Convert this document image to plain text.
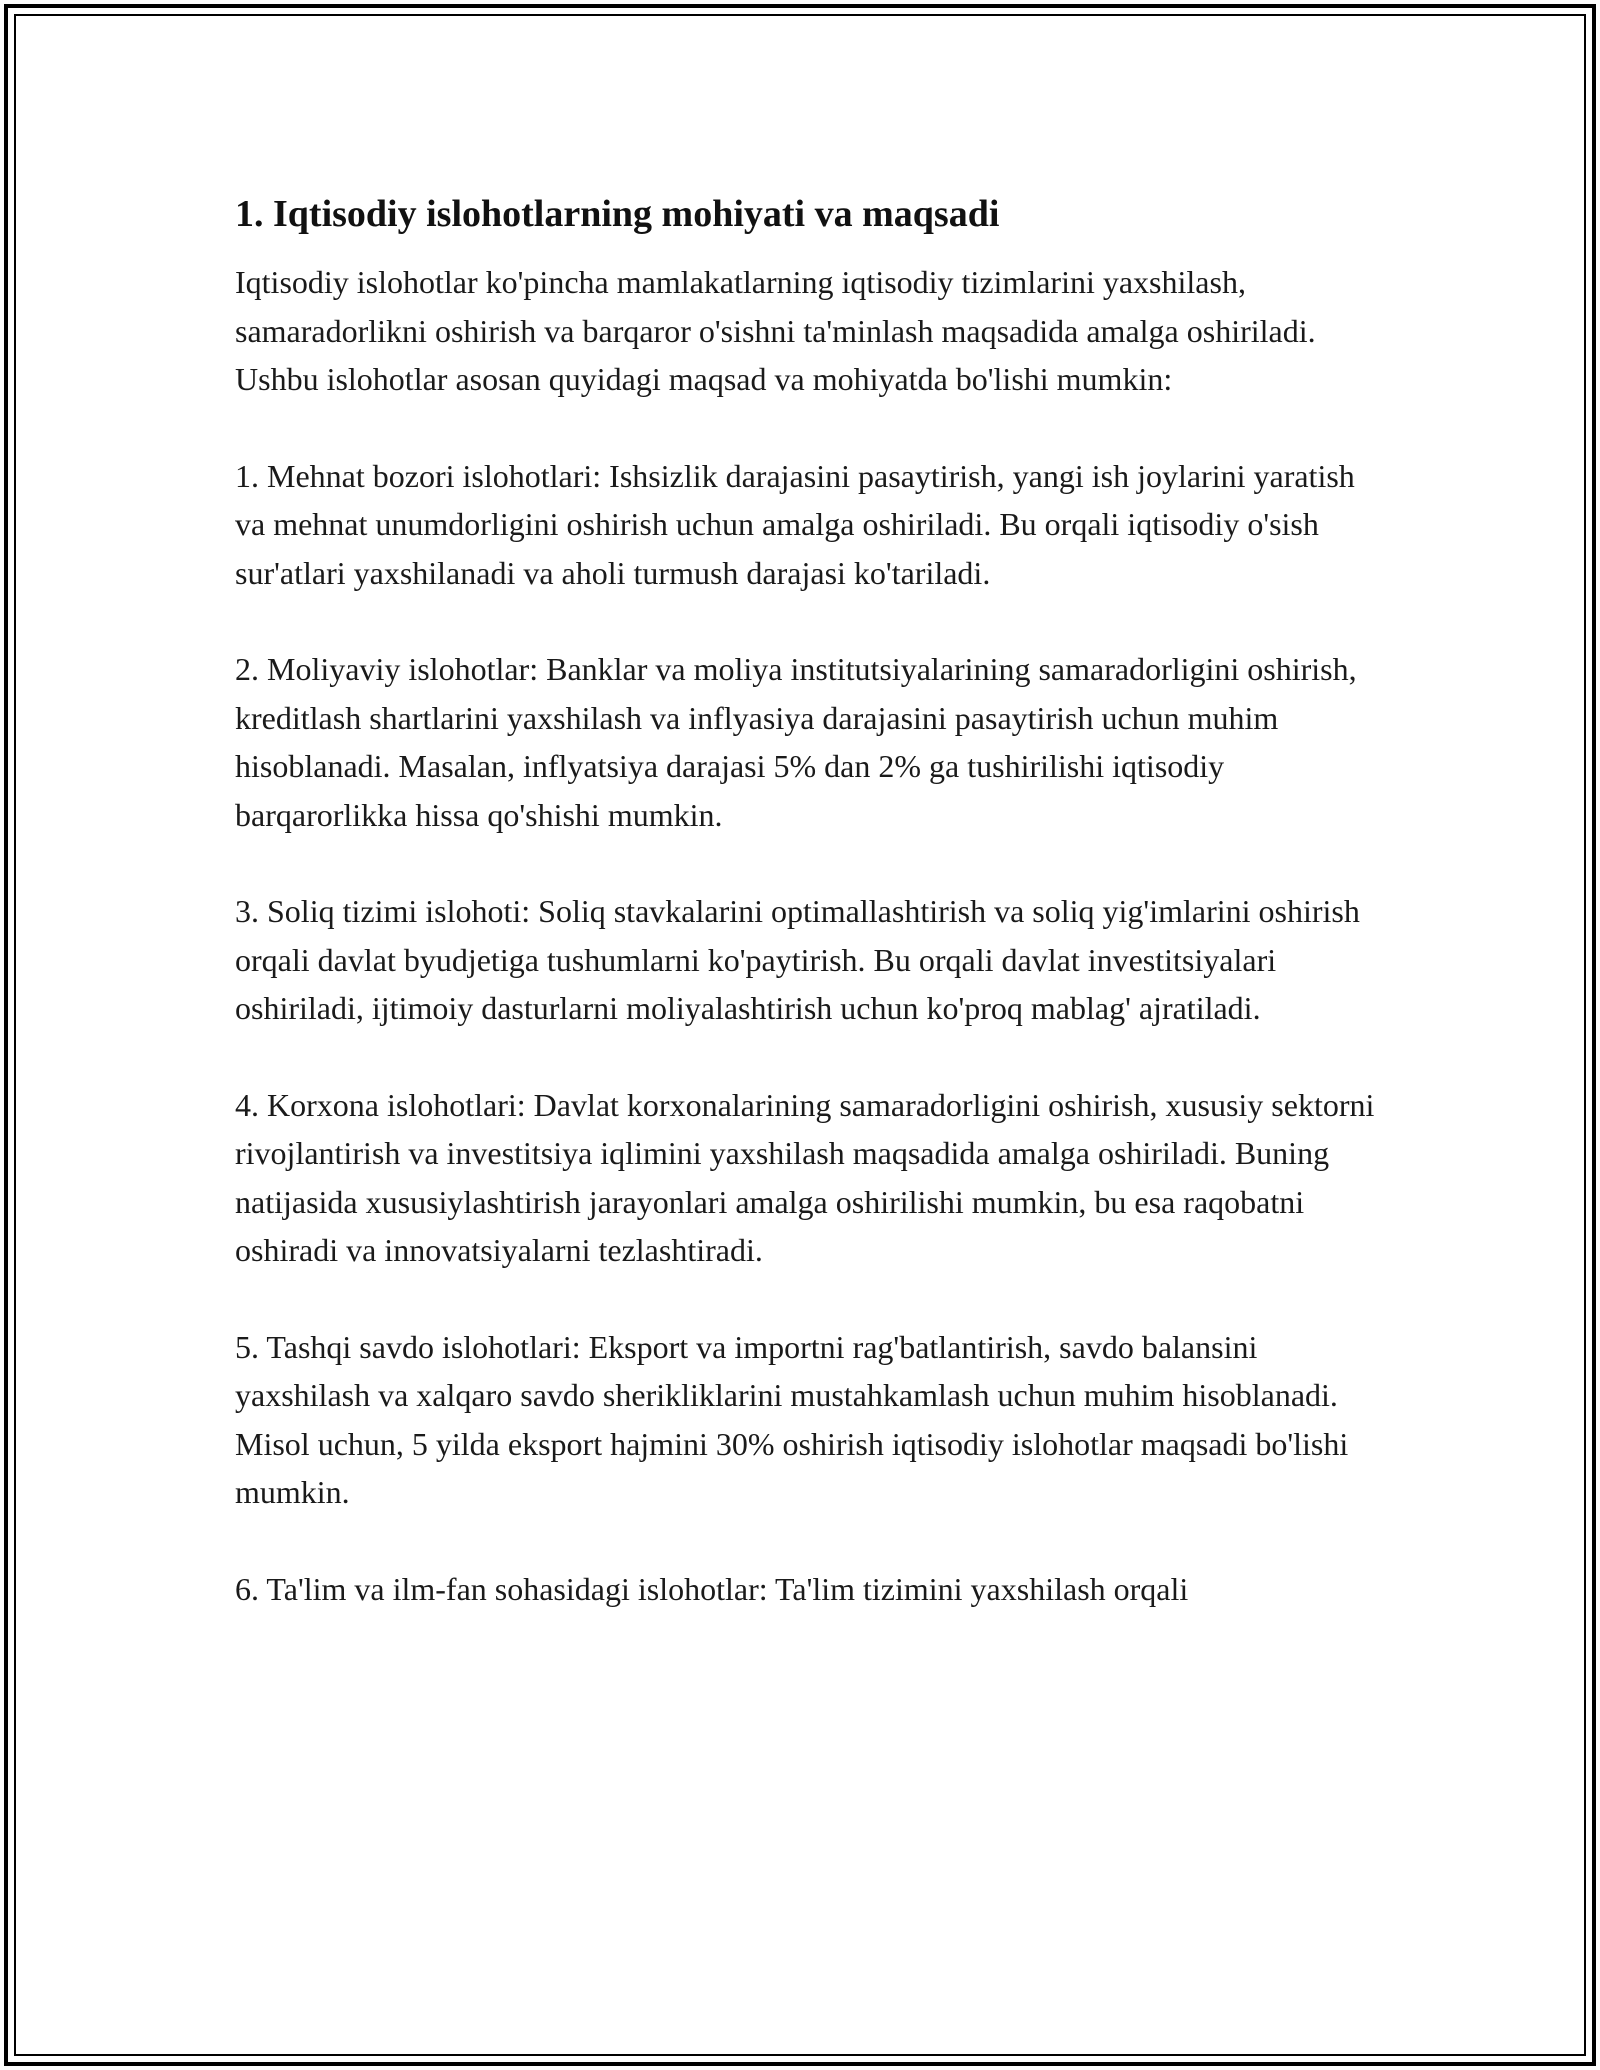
1. Iqtisodiy islohotlarning mohiyati va maqsadi

Iqtisodiy islohotlar ko'pincha mamlakatlarning iqtisodiy tizimlarini yaxshilash, samaradorlikni oshirish va barqaror o'sishni ta'minlash maqsadida amalga oshiriladi. Ushbu islohotlar asosan quyidagi maqsad va mohiyatda bo'lishi mumkin:

1. Mehnat bozori islohotlari: Ishsizlik darajasini pasaytirish, yangi ish joylarini yaratish va mehnat unumdorligini oshirish uchun amalga oshiriladi. Bu orqali iqtisodiy o'sish sur'atlari yaxshilanadi va aholi turmush darajasi ko'tariladi.

2. Moliyaviy islohotlar: Banklar va moliya institutsiyalarining samaradorligini oshirish, kreditlash shartlarini yaxshilash va inflyasiya darajasini pasaytirish uchun muhim hisoblanadi. Masalan, inflyatsiya darajasi 5% dan 2% ga tushirilishi iqtisodiy barqarorlikka hissa qo'shishi mumkin.

3. Soliq tizimi islohoti: Soliq stavkalarini optimallashtirish va soliq yig'imlarini oshirish orqali davlat byudjetiga tushumlarni ko'paytirish. Bu orqali davlat investitsiyalari oshiriladi, ijtimoiy dasturlarni moliyalashtirish uchun ko'proq mablag' ajratiladi.

4. Korxona islohotlari: Davlat korxonalarining samaradorligini oshirish, xususiy sektorni rivojlantirish va investitsiya iqlimini yaxshilash maqsadida amalga oshiriladi. Buning natijasida xususiylashtirish jarayonlari amalga oshirilishi mumkin, bu esa raqobatni oshiradi va innovatsiyalarni tezlashtiradi.

5. Tashqi savdo islohotlari: Eksport va importni rag'batlantirish, savdo balansini yaxshilash va xalqaro savdo sherikliklarini mustahkamlash uchun muhim hisoblanadi. Misol uchun, 5 yilda eksport hajmini 30% oshirish iqtisodiy islohotlar maqsadi bo'lishi mumkin.

6. Ta'lim va ilm-fan sohasidagi islohotlar: Ta'lim tizimini yaxshilash orqali
